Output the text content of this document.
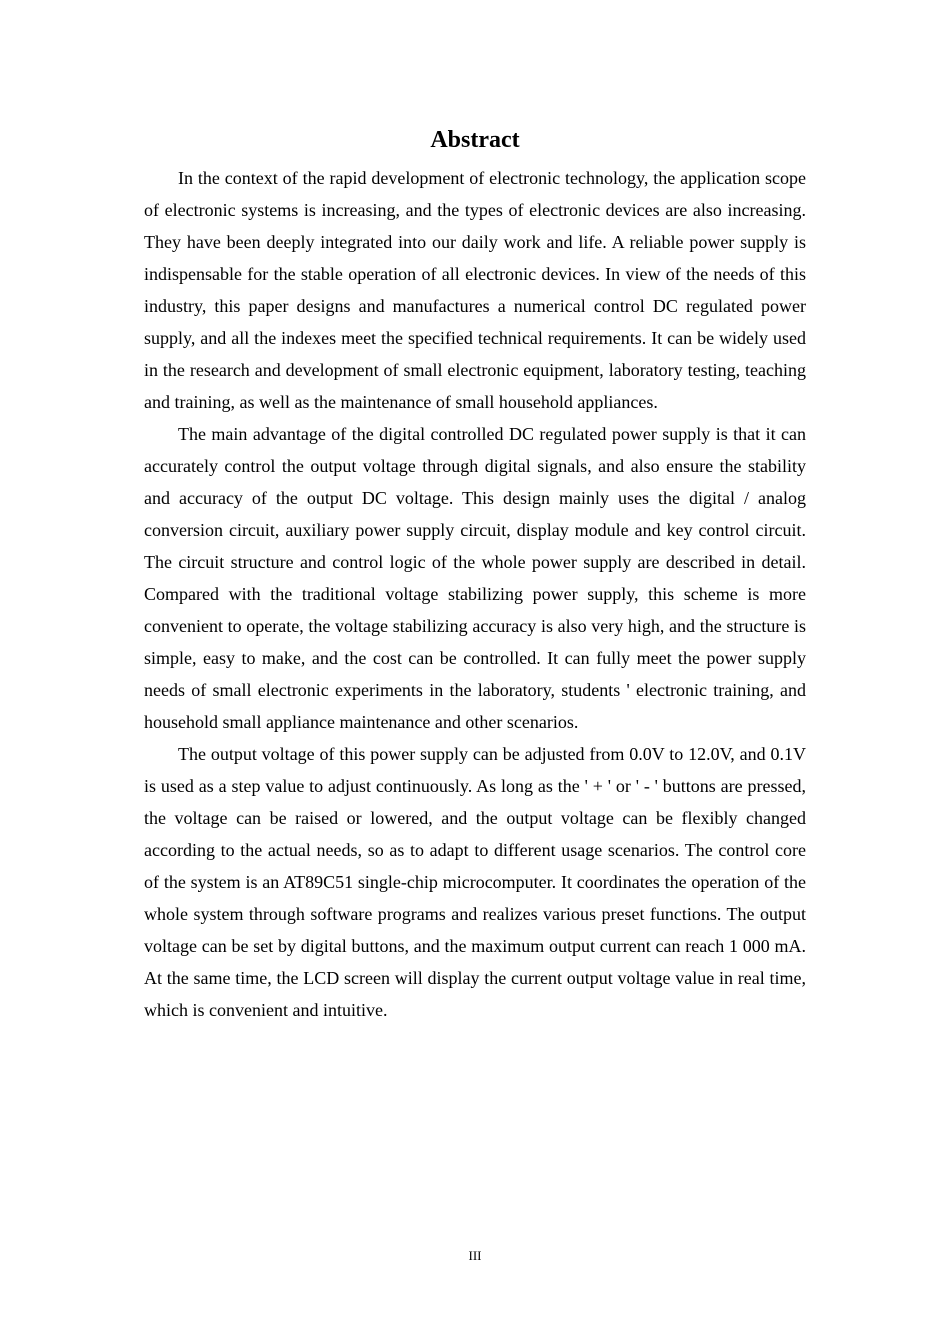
Abstract

In the context of the rapid development of electronic technology, the application scope of electronic systems is increasing, and the types of electronic devices are also increasing. They have been deeply integrated into our daily work and life. A reliable power supply is indispensable for the stable operation of all electronic devices. In view of the needs of this industry, this paper designs and manufactures a numerical control DC regulated power supply, and all the indexes meet the specified technical requirements. It can be widely used in the research and development of small electronic equipment, laboratory testing, teaching and training, as well as the maintenance of small household appliances.

The main advantage of the digital controlled DC regulated power supply is that it can accurately control the output voltage through digital signals, and also ensure the stability and accuracy of the output DC voltage. This design mainly uses the digital / analog conversion circuit, auxiliary power supply circuit, display module and key control circuit. The circuit structure and control logic of the whole power supply are described in detail. Compared with the traditional voltage stabilizing power supply, this scheme is more convenient to operate, the voltage stabilizing accuracy is also very high, and the structure is simple, easy to make, and the cost can be controlled. It can fully meet the power supply needs of small electronic experiments in the laboratory, students ' electronic training, and household small appliance maintenance and other scenarios.

The output voltage of this power supply can be adjusted from 0.0V to 12.0V, and 0.1V is used as a step value to adjust continuously. As long as the ' + ' or ' - ' buttons are pressed, the voltage can be raised or lowered, and the output voltage can be flexibly changed according to the actual needs, so as to adapt to different usage scenarios. The control core of the system is an AT89C51 single-chip microcomputer. It coordinates the operation of the whole system through software programs and realizes various preset functions. The output voltage can be set by digital buttons, and the maximum output current can reach 1 000 mA. At the same time, the LCD screen will display the current output voltage value in real time, which is convenient and intuitive.

III
